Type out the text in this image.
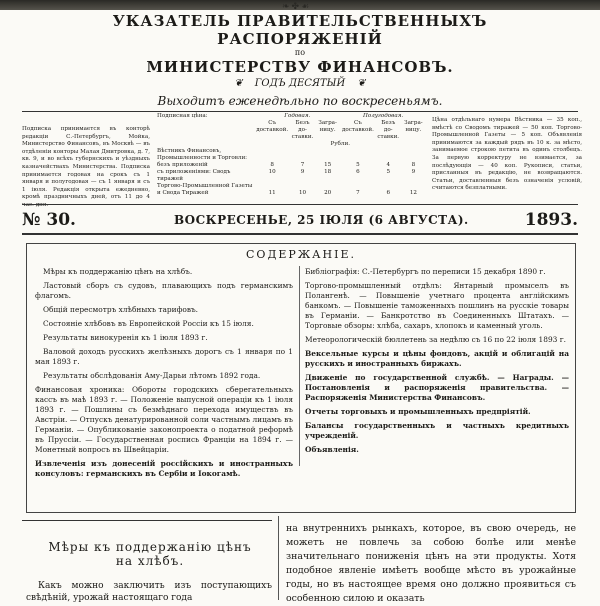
❧✤☙
УКАЗАТЕЛЬ ПРАВИТЕЛЬСТВЕННЫХЪ РАСПОРЯЖЕНІЙ
по
МИНИСТЕРСТВУ ФИНАНСОВЪ.
❦ ГОДЪ ДЕСЯТЫЙ ❦
Выходитъ еженедѣльно по воскресеньямъ.
Подписка принимается въ конторѣ редакціи С.-Петербургъ, Мойка, Министерство Финансовъ, въ Москвѣ — въ отдѣленіи конторы Малая Дмитровка, д. 7, кв. 9, и во всѣхъ губернскихъ и уѣздныхъ казначействахъ Министерства. Подписка принимается годовая на срокъ съ 1 января и полугодовая — съ 1 января и съ 1 іюля. Редакція открыта ежедневно, кромѣ праздничныхъ дней, отъ 11 до 4
Подписная цѣна:	Годовая.			Полугодовая.		
	Съ доставкой.	Безъ до-ставки.	Загра-ницу.	Съ доставкой.	Безъ до-ставки.	Загра-ницу.
	Рубли.					
Вѣстникъ Финансовъ, Промышленности и Торговли:						
безъ приложеній	8	7	15	5	4	8
съ приложеніями: Сводъ тиражей	10	9	18	6	5	9
Торгово-Промышленной Газеты						
и Свода Тиражей	11	10	20	7	6	12
Цѣна отдѣльнаго нумера Вѣстника — 35 коп., вмѣстѣ со Сводомъ тиражей — 50 коп. Торгово-Промышленной Газеты — 5 коп. Объявленія принимаются за каждый рядъ въ 10 к. за мѣсто, занимаемое строкою петита въ одинъ столбецъ. За первую корректуру не взимается, за послѣдующія — 40 коп. Рукописи, статьи, присланныя въ редакцію, не возвращаются. Статьи, доставленныя безъ означенія условій, считаются безплатными.
№ 30.	ВОСКРЕСЕНЬЕ, 25 ІЮЛЯ (6 АВГУСТА).	1893.
СОДЕРЖАНІЕ.

Мѣры къ поддержанію цѣнъ на хлѣбъ.

Ластовый сборъ съ судовъ, плавающихъ подъ германскимъ флагомъ.

Общій пересмотръ хлѣбныхъ тарифовъ.

Состояніе хлѣбовъ въ Европейской Россіи къ 15 іюля.

Результаты винокуренія къ 1 іюля 1893 г.

Валовой доходъ русскихъ желѣзныхъ дорогъ съ 1 января по 1 мая 1893 г.

Результаты обслѣдованія Аму-Дарьи лѣтомъ 1892 года.

Финансовая хроника: Обороты городскихъ сберегательныхъ кассъ въ маѣ 1893 г. — Положеніе выпусной операціи къ 1 іюля 1893 г. — Пошлины съ безмѣднаго перехода имуществъ въ Австріи. — Отпускъ денатурированной соли частнымъ лицамъ въ Германіи. — Опубликованіе законопроекта о податной реформѣ въ Пруссіи. — Государственная роспись Франціи на 1894 г. — Монетный вопросъ въ Швейцаріи.

Извлеченія изъ донесеній россійскихъ и иностранныхъ консуловъ: германскихъ въ Сербіи и Іокогамѣ.

Библіографія: С.-Петербургъ по переписи 15 декабря 1890 г.

Торгово-промышленный отдѣлъ: Янтарный промыселъ въ Полангенѣ. — Повышеніе учетнаго процента англійскимъ банкомъ. — Повышеніе таможенныхъ пошлинъ на русскіе товары въ Германіи. — Банкротство въ Соединенныхъ Штатахъ. — Торговые обзоры: хлѣба, сахаръ, хлопокъ и каменный уголь.

Метеорологическій бюллетень за недѣлю съ 16 по 22 іюля 1893 г.

Вексельные курсы и цѣны фондовъ, акцій и облигацій на русскихъ и иностранныхъ биржахъ.

Движеніе по государственной службѣ. — Награды. — Постановленія и распоряженія правительства. — Распоряженія Министерства Финансовъ.

Отчеты торговыхъ и промышленныхъ предпріятій.

Балансы государственныхъ и частныхъ кредитныхъ учрежденій.

Объявленія.

Мѣры къ поддержанію цѣнъ на хлѣбъ.
Какъ можно заключить изъ поступающихъ свѣдѣній, урожай настоящаго года
на внутреннихъ рынкахъ, которое, въ свою очередь, не можетъ не повлечь за собою болѣе или менѣе значительнаго пониженія цѣнъ на эти продукты. Хотя подобное явленіе имѣетъ вообще мѣсто въ урожайные годы, но въ настоящее время оно должно проявиться съ особенною силою и оказать
